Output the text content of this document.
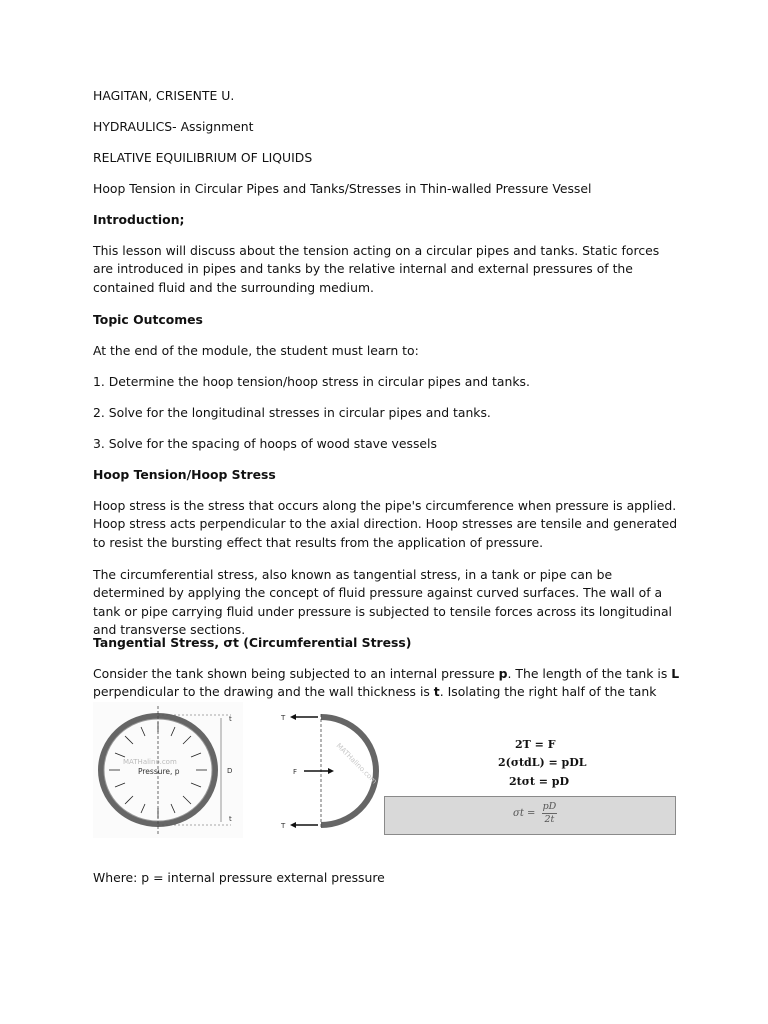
HAGITAN, CRISENTE U.

HYDRAULICS- Assignment

RELATIVE EQUILIBRIUM OF LIQUIDS

Hoop Tension in Circular Pipes and Tanks/Stresses in Thin-walled Pressure Vessel

Introduction;

This lesson will discuss about the tension acting on a circular pipes and tanks. Static forces are introduced in pipes and tanks by the relative internal and external pressures of the contained fluid and the surrounding medium.

Topic Outcomes

At the end of the module, the student must learn to:

1. Determine the hoop tension/hoop stress in circular pipes and tanks.

2. Solve for the longitudinal stresses in circular pipes and tanks.

3. Solve for the spacing of hoops of wood stave vessels

Hoop Tension/Hoop Stress

Hoop stress is the stress that occurs along the pipe's circumference when pressure is applied. Hoop stress acts perpendicular to the axial direction. Hoop stresses are tensile and generated to resist the bursting effect that results from the application of pressure.

The circumferential stress, also known as tangential stress, in a tank or pipe can be determined by applying the concept of fluid pressure against curved surfaces. The wall of a tank or pipe carrying fluid under pressure is subjected to tensile forces across its longitudinal and transverse sections.

Tangential Stress, σt (Circumferential Stress)

Consider the tank shown being subjected to an internal pressure p. The length of the tank is L perpendicular to the drawing and the wall thickness is t. Isolating the right half of the tank

Where: p = internal pressure external pressure

Pressure, p
MATHalino.com
t
D
t
T
T
F	MATHalino.com	2T = F
2(σtdL) = pDL
2tσt = pD
$\sigma t = \frac{pD}{2t}$
